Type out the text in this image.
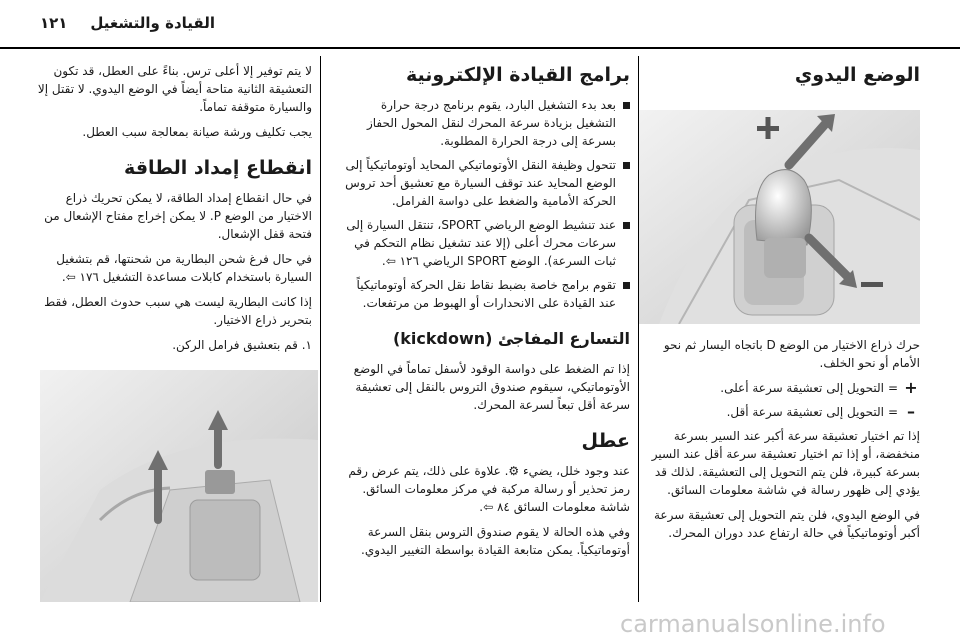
القيادة والتشغيل
١٢١
الوضع اليدوي

حرك ذراع الاختيار من الوضع D باتجاه اليسار ثم نحو الأمام أو نحو الخلف.

+
=
التحويل إلى تعشيقة سرعة أعلى.
–
=
التحويل إلى تعشيقة سرعة أقل.

إذا تم اختيار تعشيقة سرعة أكبر عند السير بسرعة منخفضة، أو إذا تم اختيار تعشيقة سرعة أقل عند السير بسرعة كبيرة، فلن يتم التحويل إلى التعشيقة. لذلك قد يؤدي إلى ظهور رسالة في شاشة معلومات السائق.

في الوضع اليدوي، فلن يتم التحويل إلى تعشيقة سرعة أكبر أوتوماتيكياً في حالة ارتفاع عدد دوران المحرك.

برامج القيادة الإلكترونية
بعد بدء التشغيل البارد، يقوم برنامج درجة حرارة التشغيل بزيادة سرعة المحرك لنقل المحول الحفاز بسرعة إلى درجة الحرارة المطلوبة.
تتحول وظيفة النقل الأوتوماتيكي المحايد أوتوماتيكياً إلى الوضع المحايد عند توقف السيارة مع تعشيق أحد تروس الحركة الأمامية والضغط على دواسة الفرامل.
عند تنشيط الوضع الرياضي SPORT، تنتقل السيارة إلى سرعات محرك أعلى (إلا عند تشغيل نظام التحكم في ثبات السرعة). الوضع SPORT الرياضي ١٢٦ ⇦.
تقوم برامج خاصة بضبط نقاط نقل الحركة أوتوماتيكياً عند القيادة على الانحدارات أو الهبوط من مرتفعات.
التسارع المفاجئ (kickdown)

إذا تم الضغط على دواسة الوقود لأسفل تماماً في الوضع الأوتوماتيكي، سيقوم صندوق التروس بالنقل إلى تعشيقة سرعة أقل تبعاً لسرعة المحرك.

عطل

عند وجود خلل، يضيء ⚙. علاوة على ذلك، يتم عرض رقم رمز تحذير أو رسالة مركبة في مركز معلومات السائق. شاشة معلومات السائق ٨٤ ⇦.

وفي هذه الحالة لا يقوم صندوق التروس بنقل السرعة أوتوماتيكياً. يمكن متابعة القيادة بواسطة التغيير اليدوي.

لا يتم توفير إلا أعلى ترس. بناءً على العطل، قد تكون التعشيقة الثانية متاحة أيضاً في الوضع اليدوي. لا تقتل إلا والسيارة متوقفة تماماً.

يجب تكليف ورشة صيانة بمعالجة سبب العطل.

انقطاع إمداد الطاقة

في حال انقطاع إمداد الطاقة، لا يمكن تحريك ذراع الاختيار من الوضع P. لا يمكن إخراج مفتاح الإشعال من فتحة قفل الإشعال.

في حال فرغ شحن البطارية من شحنتها، قم بتشغيل السيارة باستخدام كابلات مساعدة التشغيل ١٧٦ ⇦.

إذا كانت البطارية ليست هي سبب حدوث العطل، فقط بتحرير ذراع الاختيار.

١. قم بتعشيق فرامل الركن.

carmanualsonline.info
